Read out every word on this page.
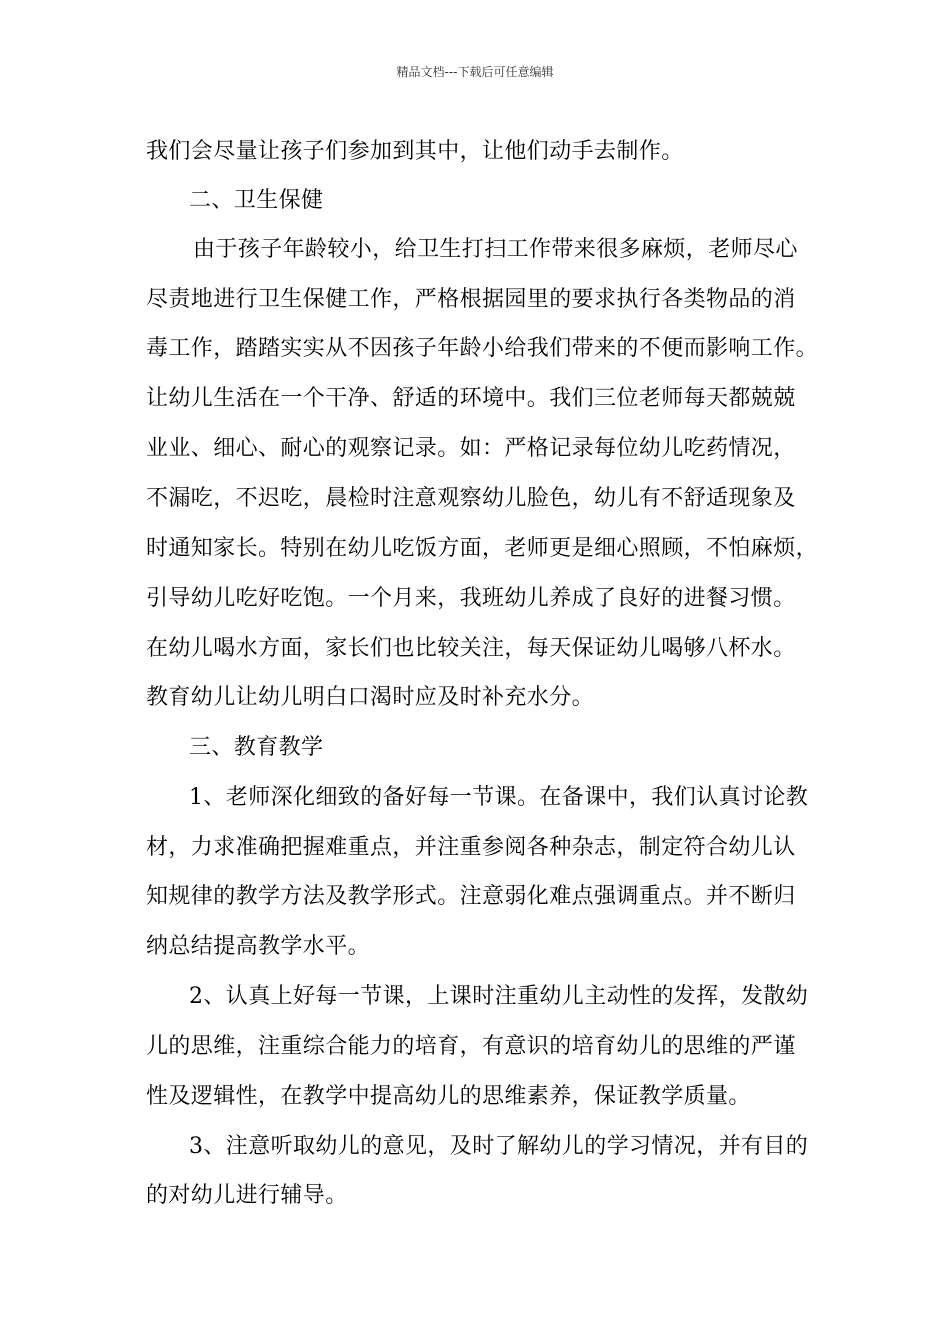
精品文档---下载后可任意编辑
我们会尽量让孩子们参加到其中，让他们动手去制作。
二、卫生保健
由于孩子年龄较小，给卫生打扫工作带来很多麻烦，老师尽心
尽责地进行卫生保健工作，严格根据园里的要求执行各类物品的消
毒工作，踏踏实实从不因孩子年龄小给我们带来的不便而影响工作。
让幼儿生活在一个干净、舒适的环境中。我们三位老师每天都兢兢
业业、细心、耐心的观察记录。如：严格记录每位幼儿吃药情况，
不漏吃，不迟吃，晨检时注意观察幼儿脸色，幼儿有不舒适现象及
时通知家长。特别在幼儿吃饭方面，老师更是细心照顾，不怕麻烦，
引导幼儿吃好吃饱。一个月来，我班幼儿养成了良好的进餐习惯。
在幼儿喝水方面，家长们也比较关注，每天保证幼儿喝够八杯水。
教育幼儿让幼儿明白口渴时应及时补充水分。
三、教育教学
1、老师深化细致的备好每一节课。在备课中，我们认真讨论教
材，力求准确把握难重点，并注重参阅各种杂志，制定符合幼儿认
知规律的教学方法及教学形式。注意弱化难点强调重点。并不断归
纳总结提高教学水平。
2、认真上好每一节课，上课时注重幼儿主动性的发挥，发散幼
儿的思维，注重综合能力的培育，有意识的培育幼儿的思维的严谨
性及逻辑性，在教学中提高幼儿的思维素养，保证教学质量。
3、注意听取幼儿的意见，及时了解幼儿的学习情况，并有目的
的对幼儿进行辅导。
